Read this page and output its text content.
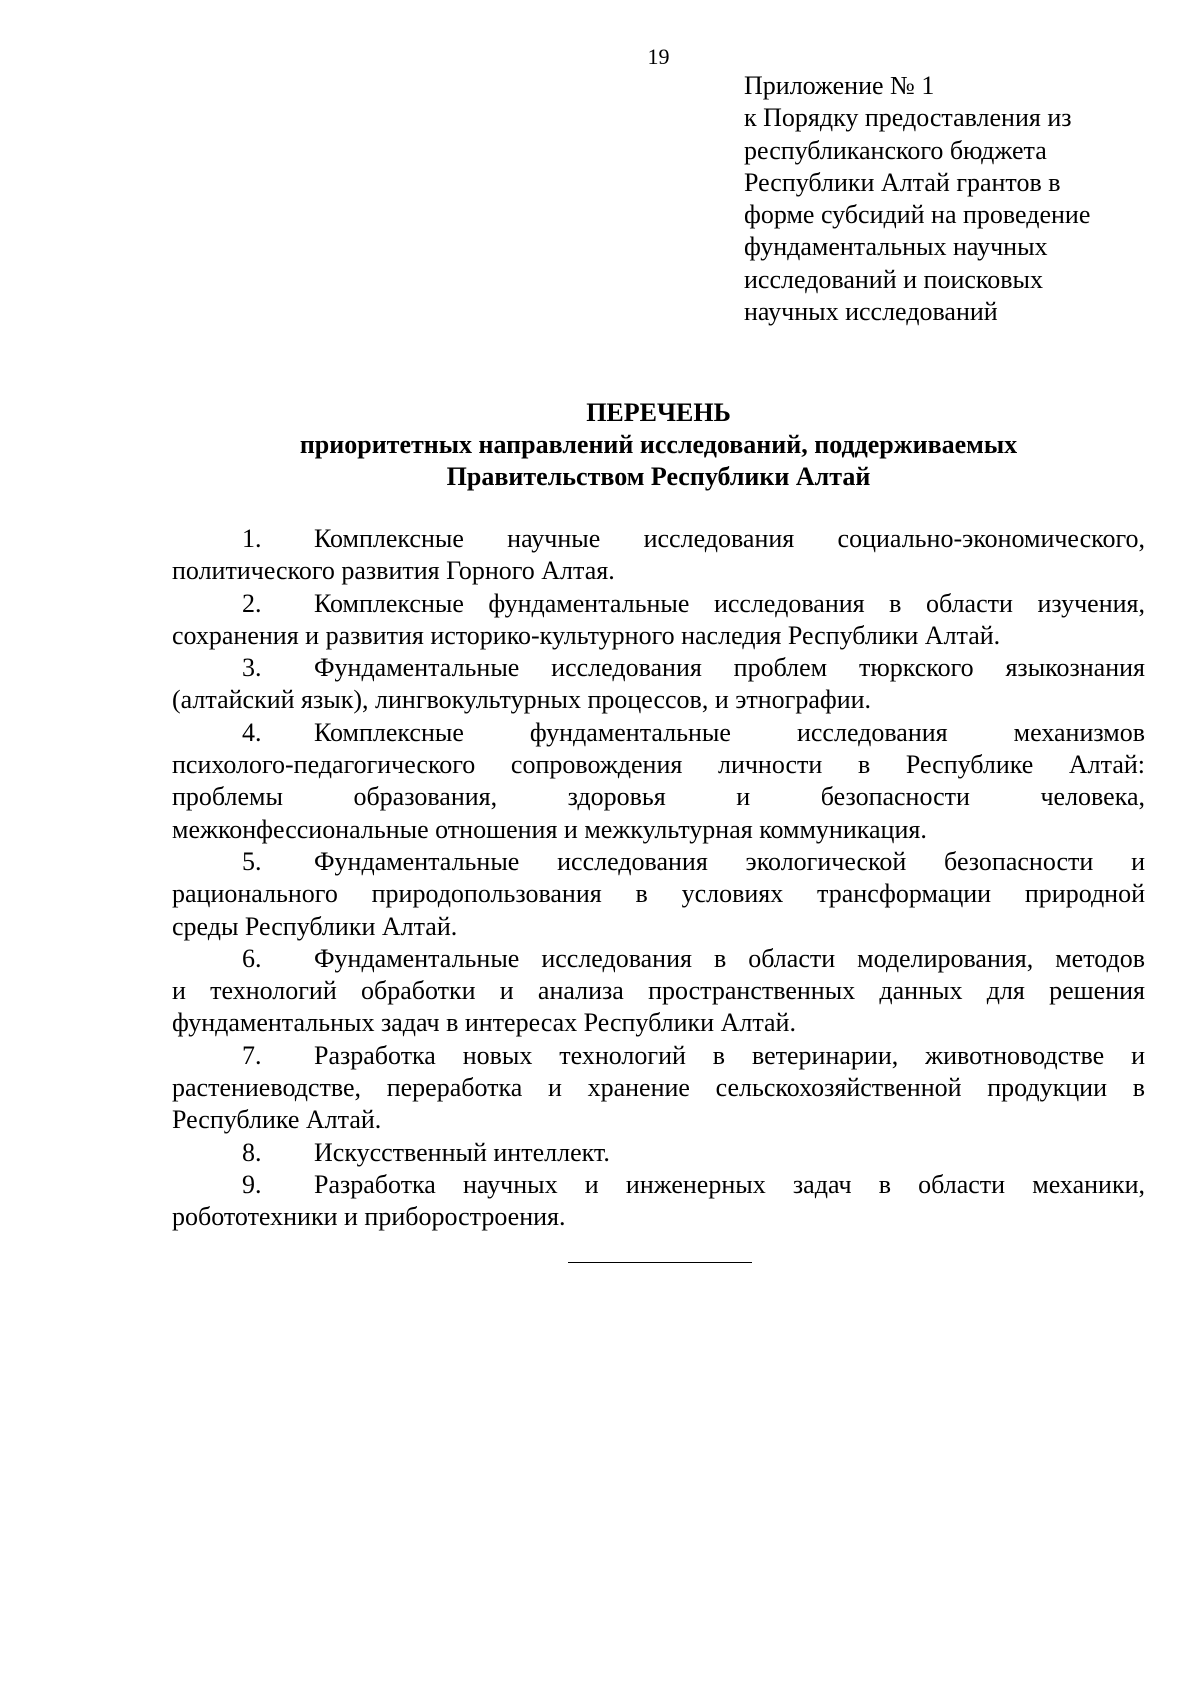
19
Приложение № 1
к Порядку предоставления из
республиканского бюджета
Республики Алтай грантов в
форме субсидий на проведение
фундаментальных научных
исследований и поисковых
научных исследований
ПЕРЕЧЕНЬ
приоритетных направлений исследований, поддерживаемых
Правительством Республики Алтай
1. Комплексные научные исследования социально-экономического,
политического развития Горного Алтая.
2. Комплексные фундаментальные исследования в области изучения,
сохранения и развития историко-культурного наследия Республики Алтай.
3. Фундаментальные исследования проблем тюркского языкознания
(алтайский язык), лингвокультурных процессов, и этнографии.
4. Комплексные фундаментальные исследования механизмов
психолого-педагогического сопровождения личности в Республике Алтай:
проблемы образования, здоровья и безопасности человека,
межконфессиональные отношения и межкультурная коммуникация.
5. Фундаментальные исследования экологической безопасности и
рационального природопользования в условиях трансформации природной
среды Республики Алтай.
6. Фундаментальные исследования в области моделирования, методов
и технологий обработки и анализа пространственных данных для решения
фундаментальных задач в интересах Республики Алтай.
7. Разработка новых технологий в ветеринарии, животноводстве и
растениеводстве, переработка и хранение сельскохозяйственной продукции в
Республике Алтай.
8. Искусственный интеллект.
9. Разработка научных и инженерных задач в области механики,
робототехники и приборостроения.
